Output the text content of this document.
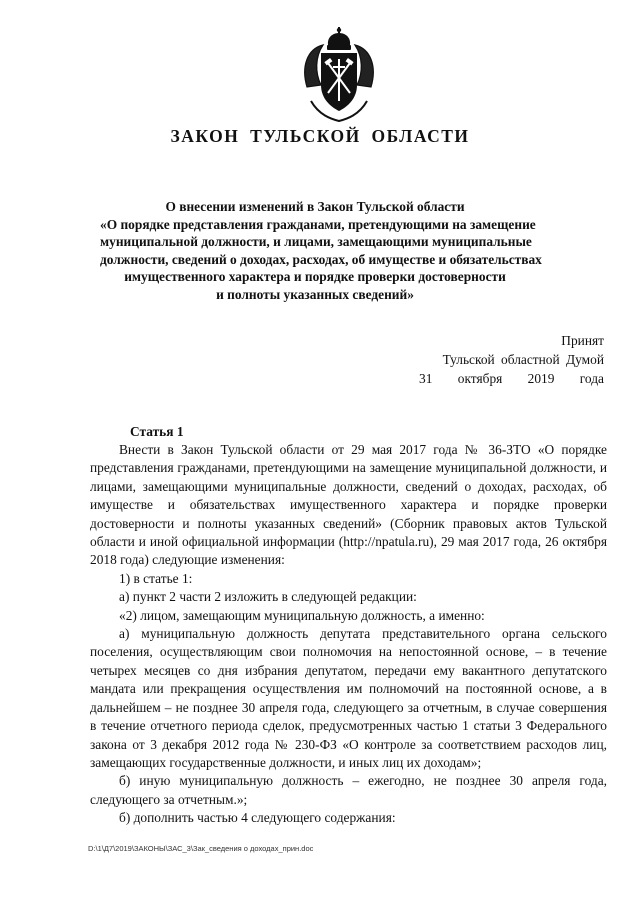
ЗАКОН ТУЛЬСКОЙ ОБЛАСТИ
О внесении изменений в Закон Тульской области
«О порядке представления гражданами, претендующими на замещение
муниципальной должности, и лицами, замещающими муниципальные
должности, сведений о доходах, расходах, об имуществе и обязательствах
имущественного характера и порядке проверки достоверности
и полноты указанных сведений»
Принят
Тульской областной Думой
31 октября 2019 года
Статья 1

Внести в Закон Тульской области от 29 мая 2017 года № 36-ЗТО «О порядке представления гражданами, претендующими на замещение муниципальной должности, и лицами, замещающими муниципальные должности, сведений о доходах, расходах, об имуществе и обязательствах имущественного характера и порядке проверки достоверности и полноты указанных сведений» (Сборник правовых актов Тульской области и иной официальной информации (http://npatula.ru), 29 мая 2017 года, 26 октября 2018 года) следующие изменения:

1) в статье 1:

а) пункт 2 части 2 изложить в следующей редакции:

«2) лицом, замещающим муниципальную должность, а именно:

а) муниципальную должность депутата представительного органа сельского поселения, осуществляющим свои полномочия на непостоянной основе, – в течение четырех месяцев со дня избрания депутатом, передачи ему вакантного депутатского мандата или прекращения осуществления им полномочий на постоянной основе, а в дальнейшем – не позднее 30 апреля года, следующего за отчетным, в случае совершения в течение отчетного периода сделок, предусмотренных частью 1 статьи 3 Федерального закона от 3 декабря 2012 года № 230-ФЗ «О контроле за соответствием расходов лиц, замещающих государственные должности, и иных лиц их доходам»;

б) иную муниципальную должность – ежегодно, не позднее 30 апреля года, следующего за отчетным.»;

б) дополнить частью 4 следующего содержания:

D:\1\Д7\2019\ЗАКОНЫ\ЗАС_3\Зак_сведения о доходах_прин.doc
